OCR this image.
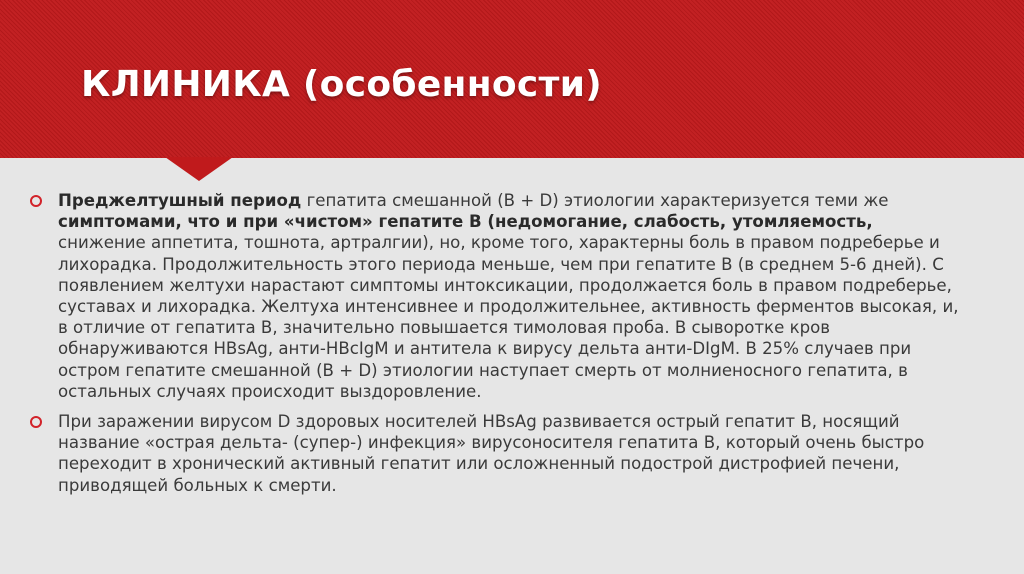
КЛИНИКА (особенности)

Преджелтушный период гепатита смешанной (В + D) этиологии характеризуется теми же симптомами, что и при «чистом» гепатите В (недомогание, слабость, утомляемость, снижение аппетита, тошнота, артралгии), но, кроме того, характерны боль в правом подреберье и лихорадка. Продолжительность этого периода меньше, чем при гепатите В (в среднем 5-6 дней). С появлением желтухи нарастают симптомы интоксикации, продолжается боль в правом подреберье, суставах и лихорадка. Желтуха интенсивнее и продолжительнее, активность ферментов высокая, и, в отличие от гепатита В, значительно повышается тимоловая проба. В сыворотке кров обнаруживаются HBsAg, анти-HBcIgM и антитела к вирусу дельта анти-DIgM. В 25% случаев при остром гепатите смешанной (В + D) этиологии наступает смерть от молниеносного гепатита, в остальных случаях происходит выздоровление.

При заражении вирусом D здоровых носителей HBsAg развивается острый гепатит В, носящий название «острая дельта- (супер-) инфекция» вирусоносителя гепатита В, который очень быстро переходит в хронический активный гепатит или осложненный подострой дистрофией печени, приводящей больных к смерти.
